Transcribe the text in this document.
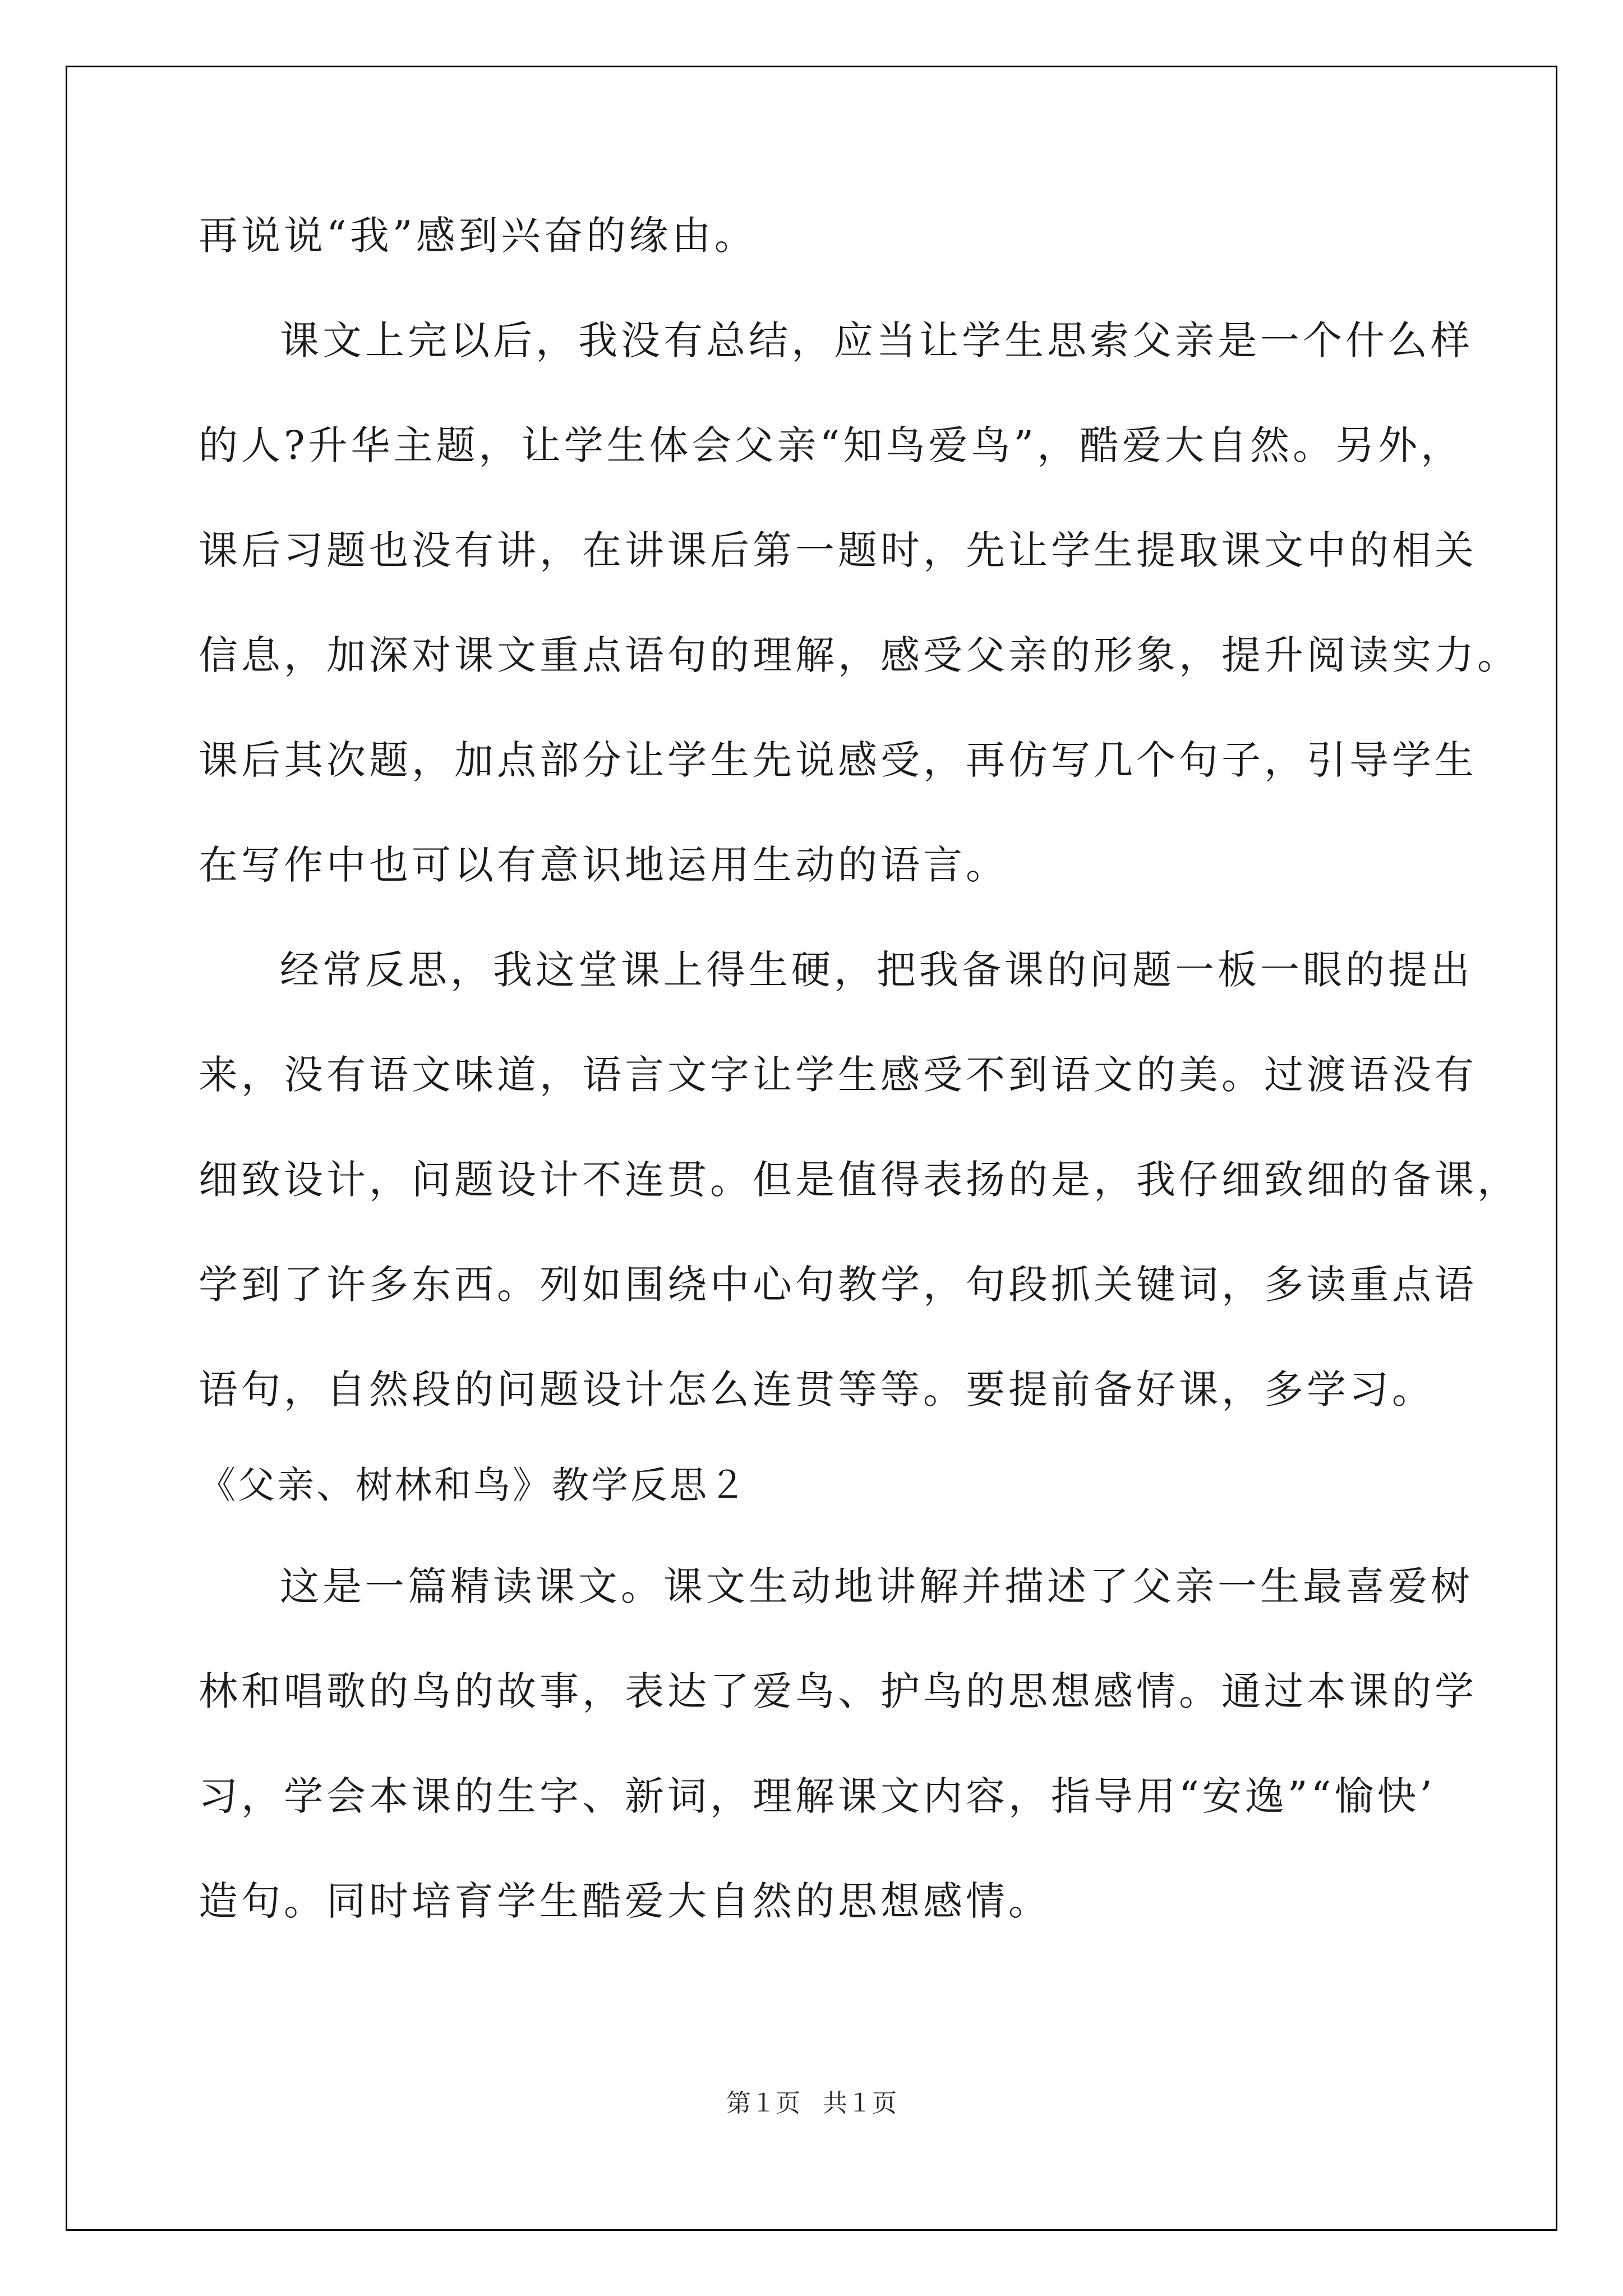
再说说“我”感到兴奋的缘由。
课文上完以后，我没有总结，应当让学生思索父亲是一个什么样
的人?升华主题，让学生体会父亲“知鸟爱鸟”，酷爱大自然。另外，
课后习题也没有讲，在讲课后第一题时，先让学生提取课文中的相关
信息，加深对课文重点语句的理解，感受父亲的形象，提升阅读实力。
课后其次题，加点部分让学生先说感受，再仿写几个句子，引导学生
在写作中也可以有意识地运用生动的语言。
经常反思，我这堂课上得生硬，把我备课的问题一板一眼的提出
来，没有语文味道，语言文字让学生感受不到语文的美。过渡语没有
细致设计，问题设计不连贯。但是值得表扬的是，我仔细致细的备课，
学到了许多东西。列如围绕中心句教学，句段抓关键词，多读重点语
语句，自然段的问题设计怎么连贯等等。要提前备好课，多学习。
《父亲、树林和鸟》教学反思２
这是一篇精读课文。课文生动地讲解并描述了父亲一生最喜爱树
林和唱歌的鸟的故事，表达了爱鸟、护鸟的思想感情。通过本课的学
习，学会本课的生字、新词，理解课文内容，指导用“安逸”“愉快’
造句。同时培育学生酷爱大自然的思想感情。
第１页 共１页
